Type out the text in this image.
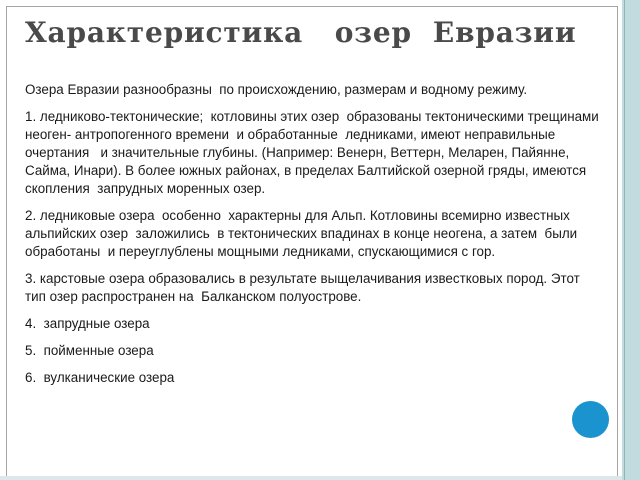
Характеристика   озер  Евразии

Озера Евразии разнообразны  по происхождению, размерам и водному режиму.

1. ледниково-тектонические;  котловины этих озер  образованы тектоническими трещинами  неоген- антропогенного времени  и обработанные  ледниками, имеют неправильные очертания   и значительные глубины. (Например: Венерн, Веттерн, Меларен, Пайянне, Сайма, Инари). В более южных районах, в пределах Балтийской озерной гряды, имеются скопления  запрудных моренных озер.

2. ледниковые озера  особенно  характерны для Альп. Котловины всемирно известных альпийских озер  заложились  в тектонических впадинах в конце неогена, а затем  были обработаны  и переуглублены мощными ледниками, спускающимися с гор.

3. карстовые озера образовались в результате выщелачивания известковых пород. Этот тип озер распространен на  Балканском полуострове.

4.  запрудные озера

5.  пойменные озера

6.  вулканические озера
